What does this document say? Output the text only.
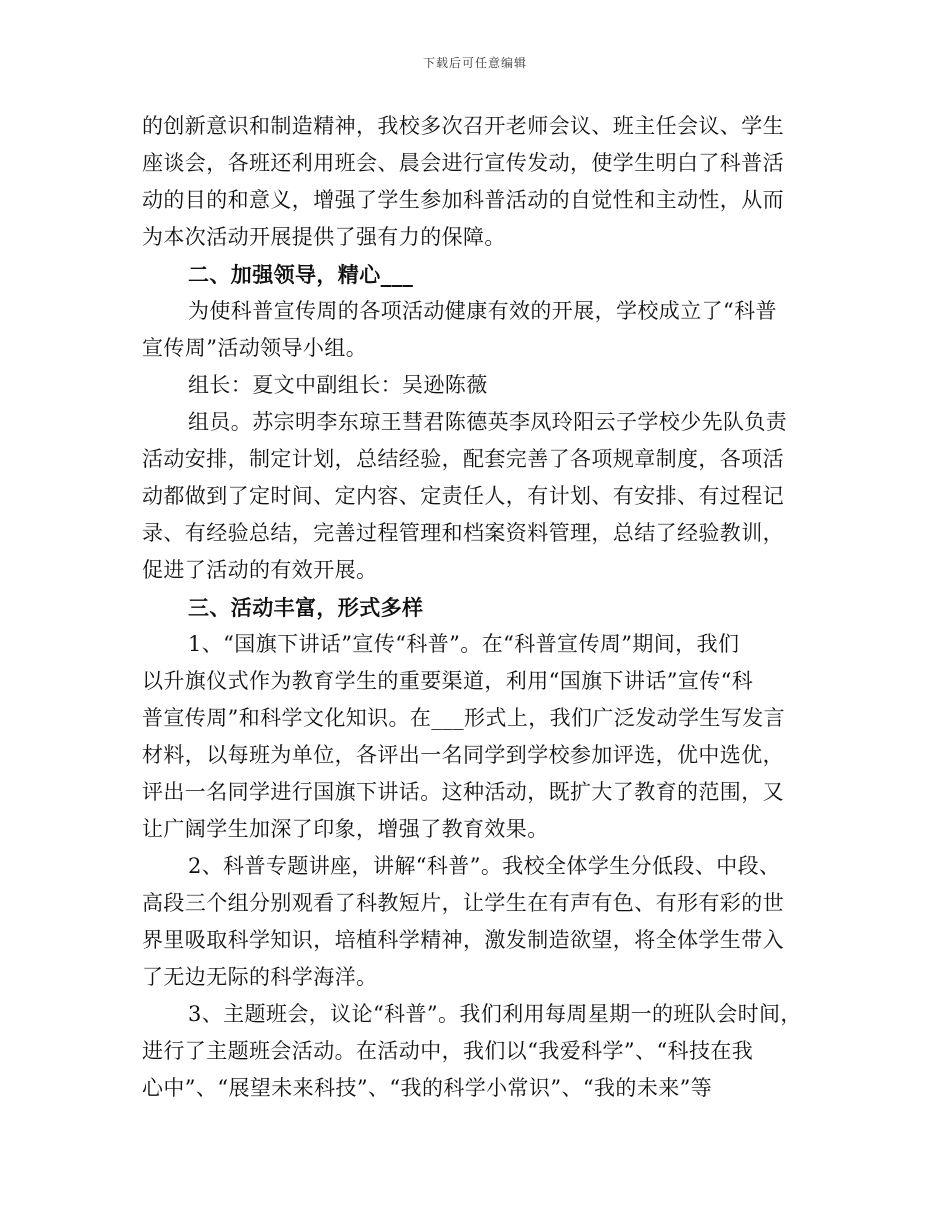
下载后可任意编辑
的创新意识和制造精神，我校多次召开老师会议、班主任会议、学生
座谈会，各班还利用班会、晨会进行宣传发动，使学生明白了科普活
动的目的和意义，增强了学生参加科普活动的自觉性和主动性，从而
为本次活动开展提供了强有力的保障。
二、加强领导，精心___
为使科普宣传周的各项活动健康有效的开展，学校成立了“科普
宣传周”活动领导小组。
组长：夏文中副组长：吴逊陈薇
组员。苏宗明李东琼王彗君陈德英李凤玲阳云子学校少先队负责
活动安排，制定计划，总结经验，配套完善了各项规章制度，各项活
动都做到了定时间、定内容、定责任人，有计划、有安排、有过程记
录、有经验总结，完善过程管理和档案资料管理，总结了经验教训，
促进了活动的有效开展。
三、活动丰富，形式多样
1、“国旗下讲话”宣传“科普”。在“科普宣传周”期间，我们
以升旗仪式作为教育学生的重要渠道，利用“国旗下讲话”宣传“科
普宣传周”和科学文化知识。在___形式上，我们广泛发动学生写发言
材料，以每班为单位，各评出一名同学到学校参加评选，优中选优，
评出一名同学进行国旗下讲话。这种活动，既扩大了教育的范围，又
让广阔学生加深了印象，增强了教育效果。
2、科普专题讲座，讲解“科普”。我校全体学生分低段、中段、
高段三个组分别观看了科教短片，让学生在有声有色、有形有彩的世
界里吸取科学知识，培植科学精神，激发制造欲望，将全体学生带入
了无边无际的科学海洋。
3、主题班会，议论“科普”。我们利用每周星期一的班队会时间，
进行了主题班会活动。在活动中，我们以“我爱科学”、“科技在我
心中”、“展望未来科技”、“我的科学小常识”、“我的未来”等
